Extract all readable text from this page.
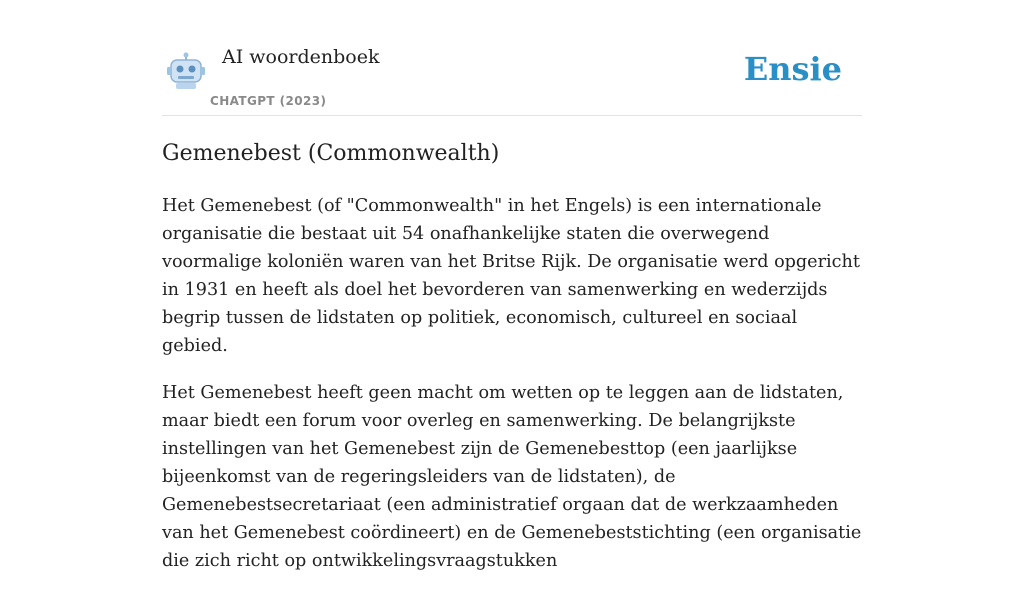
AI woordenboek
CHATGPT (2023)
Ensie
Gemenebest (Commonwealth)

Het Gemenebest (of "Commonwealth" in het Engels) is een internationale organisatie die bestaat uit 54 onafhankelijke staten die overwegend voormalige koloniën waren van het Britse Rijk. De organisatie werd opgericht in 1931 en heeft als doel het bevorderen van samenwerking en wederzijds begrip tussen de lidstaten op politiek, economisch, cultureel en sociaal gebied.

Het Gemenebest heeft geen macht om wetten op te leggen aan de lidstaten, maar biedt een forum voor overleg en samenwerking. De belangrijkste instellingen van het Gemenebest zijn de Gemenebesttop (een jaarlijkse bijeenkomst van de regeringsleiders van de lidstaten), de Gemenebestsecretariaat (een administratief orgaan dat de werkzaamheden van het Gemenebest coördineert) en de Gemenebeststichting (een organisatie die zich richt op ontwikkelingsvraagstukken
